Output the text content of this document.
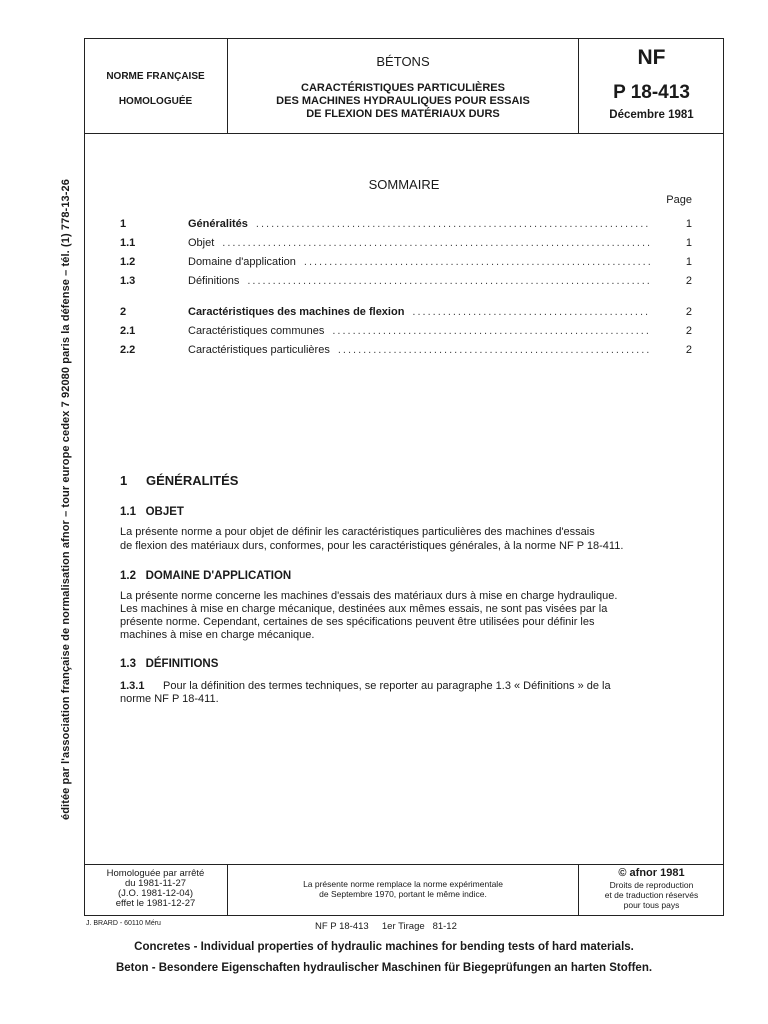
éditée par l'association française de normalisation afnor – tour europe cedex 7 92080 paris la défense – tél. (1) 778-13-26
NORME FRANÇAISE
HOMOLOGUÉE
BÉTONS
CARACTÉRISTIQUES PARTICULIÈRES
DES MACHINES HYDRAULIQUES POUR ESSAIS
DE FLEXION DES MATÉRIAUX DURS
NF
P 18-413
Décembre 1981
SOMMAIRE
Page
1	Généralités .....	1
1.1	Objet .....	1
1.2	Domaine d'application .....	1
1.3	Définitions .....	2
2	Caractéristiques des machines de flexion .....	2
2.1	Caractéristiques communes .....	2
2.2	Caractéristiques particulières .....	2
1 GÉNÉRALITÉS
1.1   OBJET
La présente norme a pour objet de définir les caractéristiques particulières des machines d'essais
de flexion des matériaux durs, conformes, pour les caractéristiques générales, à la norme NF P 18-411.
1.2   DOMAINE D'APPLICATION
La présente norme concerne les machines d'essais des matériaux durs à mise en charge hydraulique.
Les machines à mise en charge mécanique, destinées aux mêmes essais, ne sont pas visées par la
présente norme. Cependant, certaines de ses spécifications peuvent être utilisées pour définir les
machines à mise en charge mécanique.
1.3   DÉFINITIONS
1.3.1 Pour la définition des termes techniques, se reporter au paragraphe 1.3 « Définitions » de la
norme NF P 18-411.
Homologuée par arrêté
du 1981-11-27
(J.O. 1981-12-04)
effet le 1981-12-27
La présente norme remplace la norme expérimentale
de Septembre 1970, portant le même indice.
© afnor 1981
Droits de reproduction
et de traduction réservés
pour tous pays
J. BRARD - 60110 Méru	NF P 18-413     1er Tirage   81-12
Concretes - Individual properties of hydraulic machines for bending tests of hard materials.
Beton - Besondere Eigenschaften hydraulischer Maschinen für Biegeprüfungen an harten Stoffen.
